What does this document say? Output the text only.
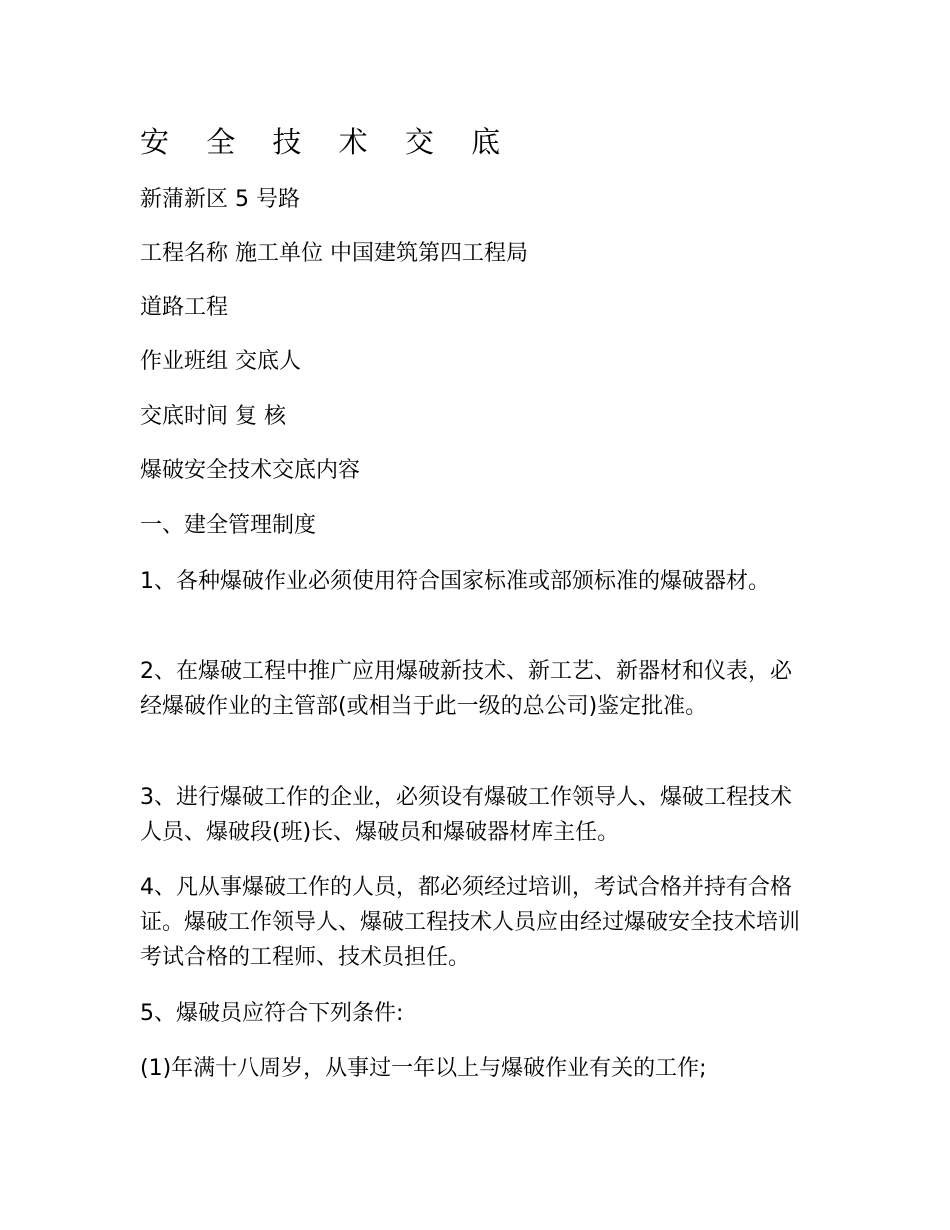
安 全 技 术 交 底

新蒲新区 5 号路

工程名称 施工单位 中国建筑第四工程局

道路工程

作业班组 交底人

交底时间 复 核

爆破安全技术交底内容

一、建全管理制度

1、各种爆破作业必须使用符合国家标准或部颁标准的爆破器材。

2、在爆破工程中推广应用爆破新技术、新工艺、新器材和仪表，必经爆破作业的主管部(或相当于此一级的总公司)鉴定批准。

3、进行爆破工作的企业，必须设有爆破工作领导人、爆破工程技术人员、爆破段(班)长、爆破员和爆破器材库主任。

4、凡从事爆破工作的人员，都必须经过培训，考试合格并持有合格证。爆破工作领导人、爆破工程技术人员应由经过爆破安全技术培训考试合格的工程师、技术员担任。

5、爆破员应符合下列条件:

(1)年满十八周岁，从事过一年以上与爆破作业有关的工作;
